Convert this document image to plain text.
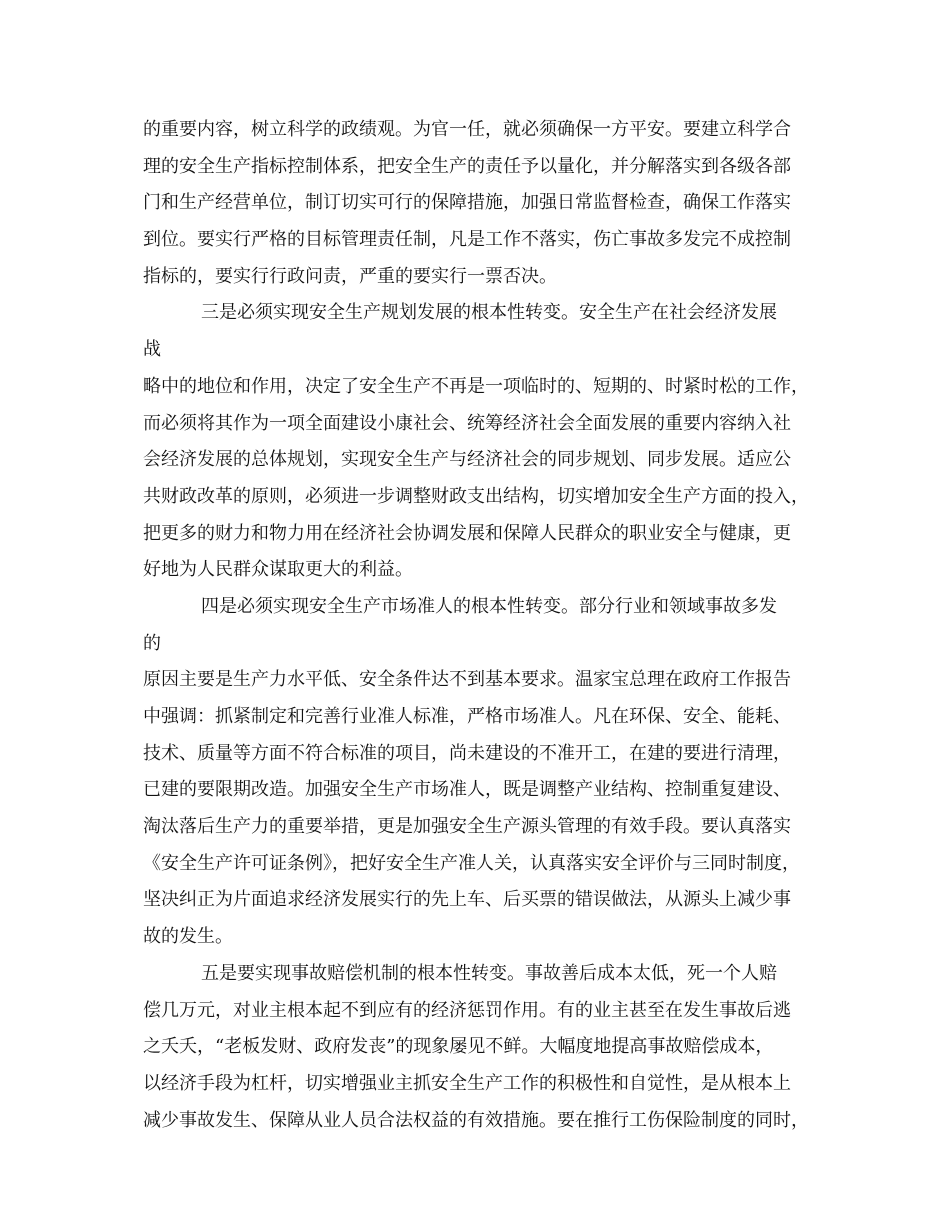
的重要内容，树立科学的政绩观。为官一任，就必须确保一方平安。要建立科学合
理的安全生产指标控制体系，把安全生产的责任予以量化，并分解落实到各级各部
门和生产经营单位，制订切实可行的保障措施，加强日常监督检查，确保工作落实
到位。要实行严格的目标管理责任制，凡是工作不落实，伤亡事故多发完不成控制
指标的，要实行行政问责，严重的要实行一票否决。
三是必须实现安全生产规划发展的根本性转变。安全生产在社会经济发展
战
略中的地位和作用，决定了安全生产不再是一项临时的、短期的、时紧时松的工作，
而必须将其作为一项全面建设小康社会、统筹经济社会全面发展的重要内容纳入社
会经济发展的总体规划，实现安全生产与经济社会的同步规划、同步发展。适应公
共财政改革的原则，必须进一步调整财政支出结构，切实增加安全生产方面的投入，
把更多的财力和物力用在经济社会协调发展和保障人民群众的职业安全与健康，更
好地为人民群众谋取更大的利益。
四是必须实现安全生产市场准人的根本性转变。部分行业和领域事故多发
的
原因主要是生产力水平低、安全条件达不到基本要求。温家宝总理在政府工作报告
中强调：抓紧制定和完善行业准人标准，严格市场准人。凡在环保、安全、能耗、
技术、质量等方面不符合标准的项目，尚未建设的不准开工，在建的要进行清理，
已建的要限期改造。加强安全生产市场准人，既是调整产业结构、控制重复建设、
淘汰落后生产力的重要举措，更是加强安全生产源头管理的有效手段。要认真落实
《安全生产许可证条例》，把好安全生产准人关，认真落实安全评价与三同时制度，
坚决纠正为片面追求经济发展实行的先上车、后买票的错误做法，从源头上减少事
故的发生。
五是要实现事故赔偿机制的根本性转变。事故善后成本太低，死一个人赔
偿几万元，对业主根本起不到应有的经济惩罚作用。有的业主甚至在发生事故后逃
之夭夭，“老板发财、政府发丧”的现象屡见不鲜。大幅度地提高事故赔偿成本，
以经济手段为杠杆，切实增强业主抓安全生产工作的积极性和自觉性，是从根本上
减少事故发生、保障从业人员合法权益的有效措施。要在推行工伤保险制度的同时，
